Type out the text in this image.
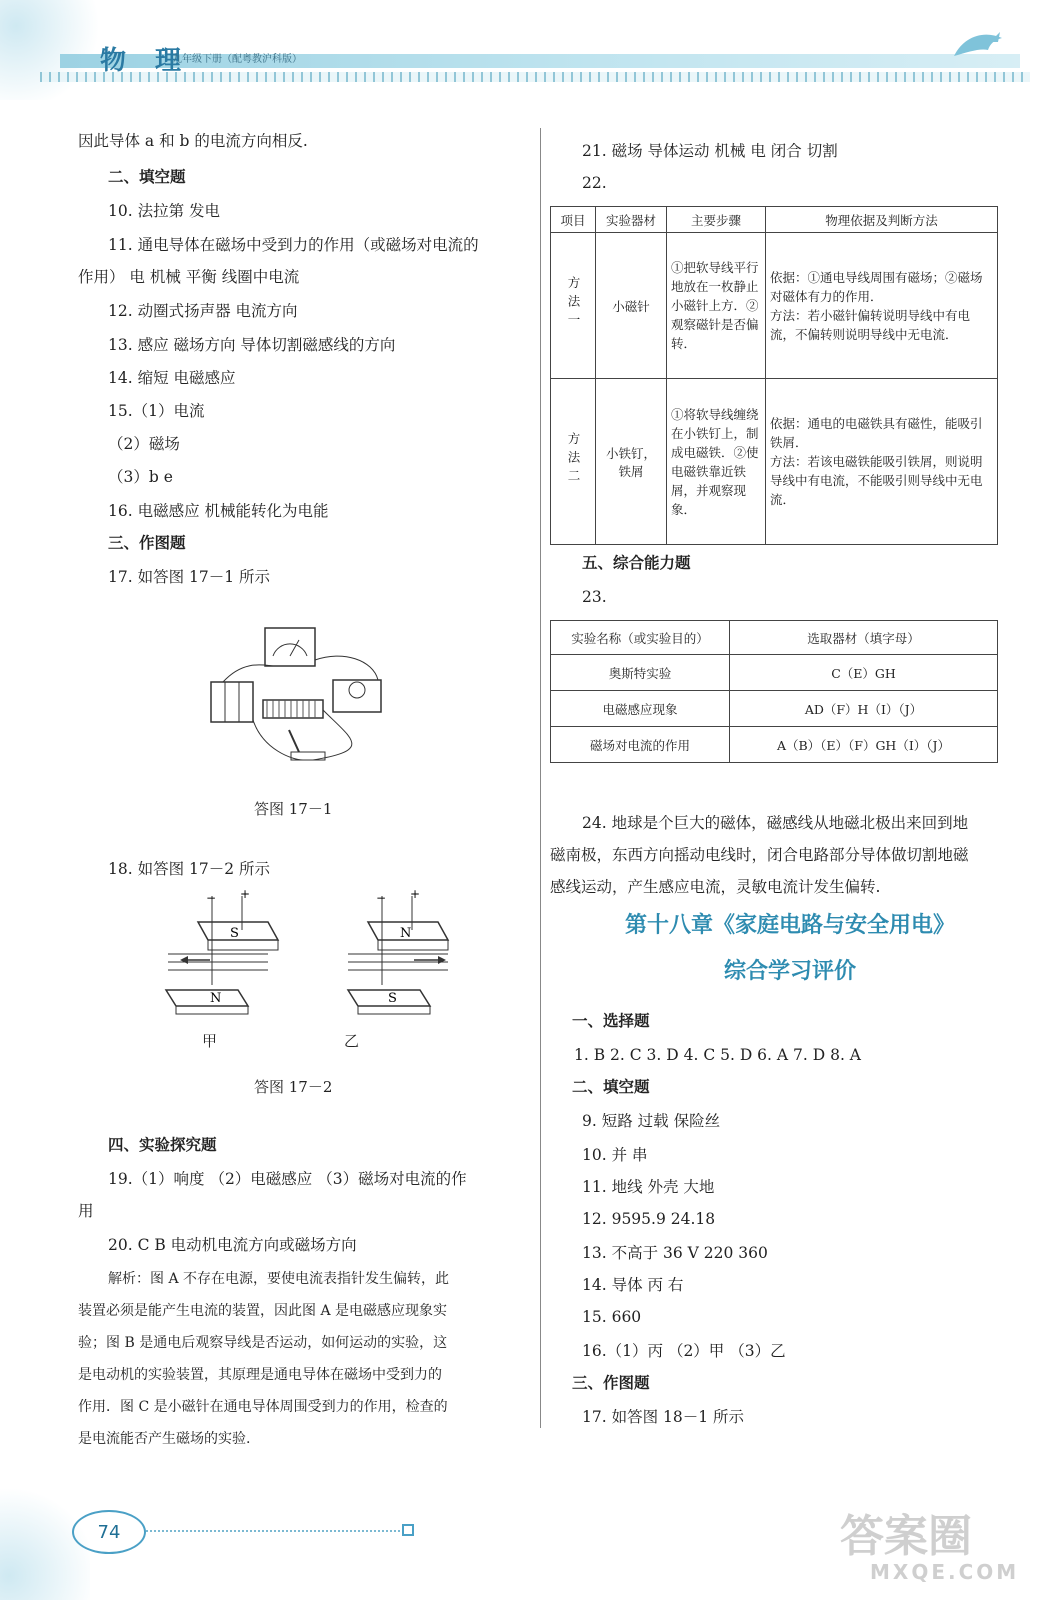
物 理
九年级下册（配粤教沪科版）
因此导体 a 和 b 的电流方向相反.
二、填空题
10. 法拉第 发电
11. 通电导体在磁场中受到力的作用（或磁场对电流的
作用） 电 机械 平衡 线圈中电流
12. 动圈式扬声器 电流方向
13. 感应 磁场方向 导体切割磁感线的方向
14. 缩短 电磁感应
15.（1）电流
（2）磁场
（3）b e
16. 电磁感应 机械能转化为电能
三、作图题
17. 如答图 17－1 所示
答图 17－1
18. 如答图 17－2 所示
− +
S
N
− +
N
S
甲	乙
答图 17－2
四、实验探究题
19.（1）响度 （2）电磁感应 （3）磁场对电流的作
用
20. C B 电动机电流方向或磁场方向
解析：图 A 不存在电源，要使电流表指针发生偏转，此
装置必须是能产生电流的装置，因此图 A 是电磁感应现象实
验；图 B 是通电后观察导线是否运动，如何运动的实验，这
是电动机的实验装置，其原理是通电导体在磁场中受到力的
作用．图 C 是小磁针在通电导体周围受到力的作用，检查的
是电流能否产生磁场的实验.
21. 磁场 导体运动 机械 电 闭合 切割
22.
项目	实验器材	主要步骤	物理依据及判断方法
方法一	小磁针	①把软导线平行地放在一枚静止小磁针上方．②观察磁针是否偏转．	依据：①通电导线周围有磁场；②磁场对磁体有力的作用．
方法：若小磁针偏转说明导线中有电流，不偏转则说明导线中无电流．
方法二	小铁钉，铁屑	①将软导线缠绕在小铁钉上，制成电磁铁．②使电磁铁靠近铁屑，并观察现象．	依据：通电的电磁铁具有磁性，能吸引铁屑．
方法：若该电磁铁能吸引铁屑，则说明导线中有电流，不能吸引则导线中无电流．
五、综合能力题
23.
实验名称（或实验目的）	选取器材（填字母）
奥斯特实验	C（E）GH
电磁感应现象	AD（F）H（I）（J）
磁场对电流的作用	A（B）（E）（F）GH（I）（J）
24. 地球是个巨大的磁体，磁感线从地磁北极出来回到地
磁南极，东西方向摇动电线时，闭合电路部分导体做切割地磁
感线运动，产生感应电流，灵敏电流计发生偏转.
第十八章《家庭电路与安全用电》
综合学习评价
一、选择题
1. B 2. C 3. D 4. C 5. D 6. A 7. D 8. A
二、填空题
9. 短路 过载 保险丝
10. 并 串
11. 地线 外壳 大地
12. 9595.9 24.18
13. 不高于 36 V 220 360
14. 导体 丙 右
15. 660
16.（1）丙 （2）甲 （3）乙
三、作图题
17. 如答图 18－1 所示
74	答案圈
MXQE.COM
